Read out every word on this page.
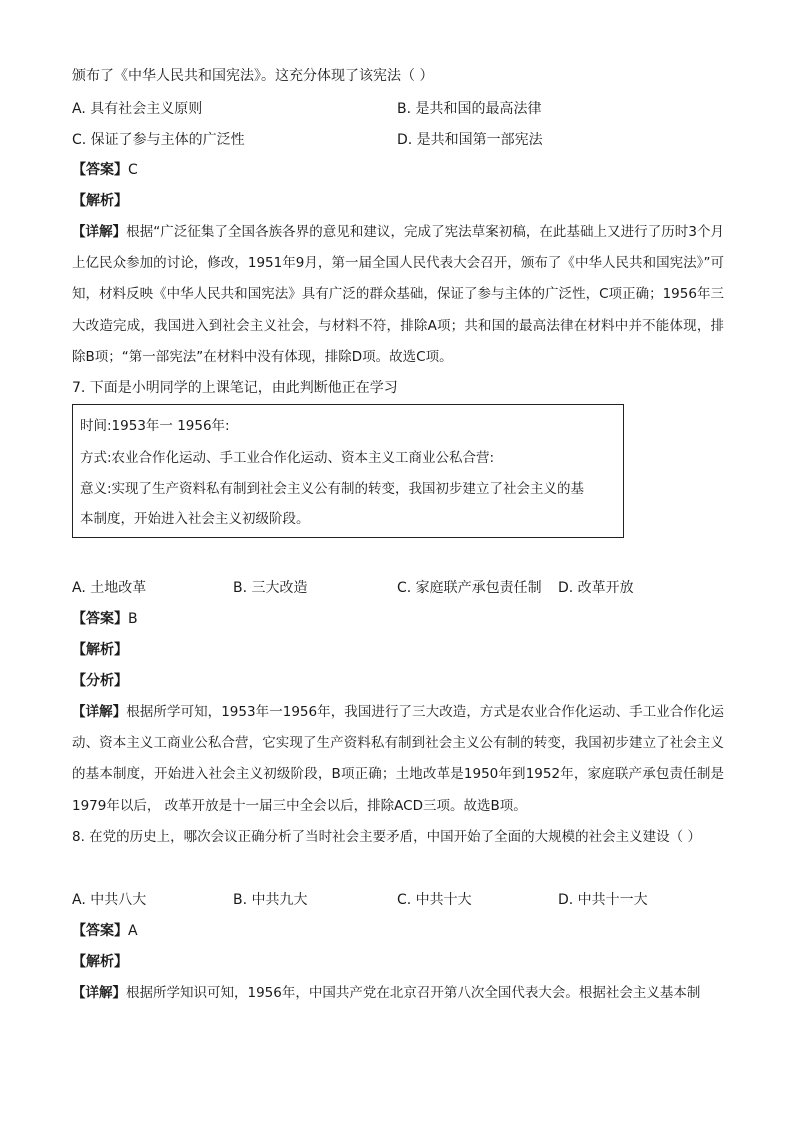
颁布了《中华人民共和国宪法》。这充分体现了该宪法（ ）
A. 具有社会主义原则	B. 是共和国的最高法律
C. 保证了参与主体的广泛性	D. 是共和国第一部宪法
【答案】C
【解析】
【详解】根据“广泛征集了全国各族各界的意见和建议，完成了宪法草案初稿，在此基础上又进行了历时3个月上亿民众参加的讨论，修改，1951年9月，第一届全国人民代表大会召开，颁布了《中华人民共和国宪法》”可知，材料反映《中华人民共和国宪法》具有广泛的群众基础，保证了参与主体的广泛性，C项正确；1956年三大改造完成，我国进入到社会主义社会，与材料不符，排除A项；共和国的最高法律在材料中并不能体现，排除B项；“第一部宪法”在材料中没有体现，排除D项。故选C项。
7. 下面是小明同学的上课笔记，由此判断他正在学习
时间:1953年一 1956年:
方式:农业合作化运动、手工业合作化运动、资本主义工商业公私合营:
意义:实现了生产资料私有制到社会主义公有制的转变，我国初步建立了社会主义的基
本制度，开始进入社会主义初级阶段。
A. 土地改革	B. 三大改造	C. 家庭联产承包责任制 D. 改革开放
【答案】B
【解析】
【分析】
【详解】根据所学可知，1953年一1956年，我国进行了三大改造，方式是农业合作化运动、手工业合作化运动、资本主义工商业公私合营，它实现了生产资料私有制到社会主义公有制的转变，我国初步建立了社会主义的基本制度，开始进入社会主义初级阶段，B项正确；土地改革是1950年到1952年，家庭联产承包责任制是1979年以后， 改革开放是十一届三中全会以后，排除ACD三项。故选B项。
8. 在党的历史上，哪次会议正确分析了当时社会主要矛盾，中国开始了全面的大规模的社会主义建设（ ）
A. 中共八大	B. 中共九大	C. 中共十大	D. 中共十一大
【答案】A
【解析】
【详解】根据所学知识可知，1956年，中国共产党在北京召开第八次全国代表大会。根据社会主义基本制
